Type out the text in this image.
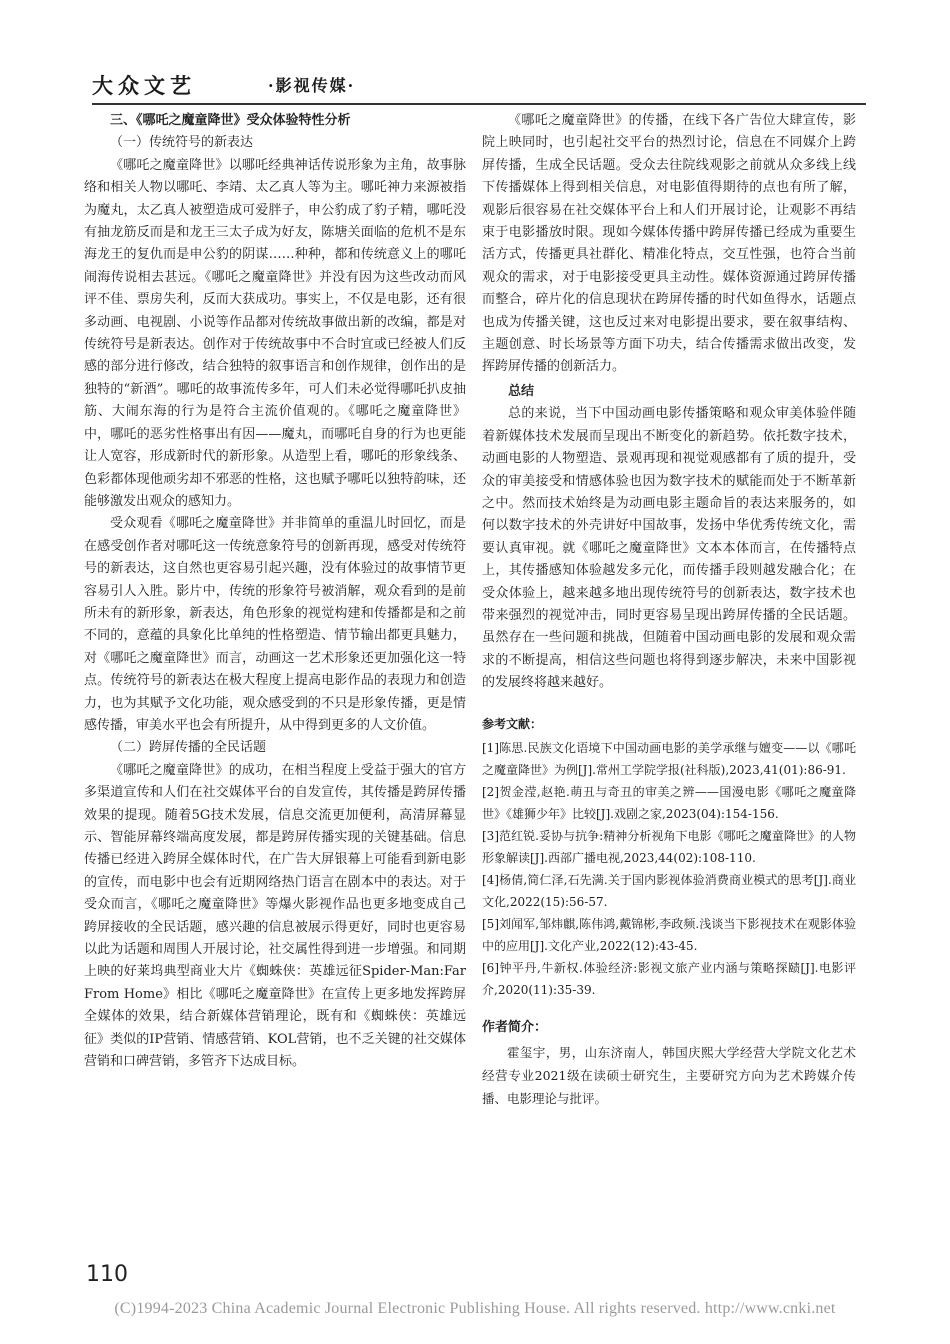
大众文艺	·影视传媒·

三、《哪吒之魔童降世》受众体验特性分析

（一）传统符号的新表达

《哪吒之魔童降世》以哪吒经典神话传说形象为主角，故事脉络和相关人物以哪吒、李靖、太乙真人等为主。哪吒神力来源被指为魔丸，太乙真人被塑造成可爱胖子，申公豹成了豹子精，哪吒没有抽龙筋反而是和龙王三太子成为好友，陈塘关面临的危机不是东海龙王的复仇而是申公豹的阴谋……种种，都和传统意义上的哪吒闹海传说相去甚远。《哪吒之魔童降世》并没有因为这些改动而风评不佳、票房失利，反而大获成功。事实上，不仅是电影，还有很多动画、电视剧、小说等作品都对传统故事做出新的改编，都是对传统符号是新表达。创作对于传统故事中不合时宜或已经被人们反感的部分进行修改，结合独特的叙事语言和创作规律，创作出的是独特的“新酒”。哪吒的故事流传多年，可人们未必觉得哪吒扒皮抽筋、大闹东海的行为是符合主流价值观的。《哪吒之魔童降世》中，哪吒的恶劣性格事出有因——魔丸，而哪吒自身的行为也更能让人宽容，形成新时代的新形象。从造型上看，哪吒的形象线条、色彩都体现他顽劣却不邪恶的性格，这也赋予哪吒以独特韵味，还能够激发出观众的感知力。

受众观看《哪吒之魔童降世》并非简单的重温儿时回忆，而是在感受创作者对哪吒这一传统意象符号的创新再现，感受对传统符号的新表达，这自然也更容易引起兴趣，没有体验过的故事情节更容易引人入胜。影片中，传统的形象符号被消解，观众看到的是前所未有的新形象，新表达，角色形象的视觉构建和传播都是和之前不同的，意蕴的具象化比单纯的性格塑造、情节输出都更具魅力，对《哪吒之魔童降世》而言，动画这一艺术形象还更加强化这一特点。传统符号的新表达在极大程度上提高电影作品的表现力和创造力，也为其赋予文化功能，观众感受到的不只是形象传播，更是情感传播，审美水平也会有所提升，从中得到更多的人文价值。

（二）跨屏传播的全民话题

《哪吒之魔童降世》的成功，在相当程度上受益于强大的官方多渠道宣传和人们在社交媒体平台的自发宣传，其传播是跨屏传播效果的提现。随着5G技术发展，信息交流更加便利，高清屏幕显示、智能屏幕终端高度发展，都是跨屏传播实现的关键基础。信息传播已经进入跨屏全媒体时代，在广告大屏银幕上可能看到新电影的宣传，而电影中也会有近期网络热门语言在剧本中的表达。对于受众而言，《哪吒之魔童降世》等爆火影视作品也更多地变成自己跨屏接收的全民话题，感兴趣的信息被展示得更好，同时也更容易以此为话题和周围人开展讨论，社交属性得到进一步增强。和同期上映的好莱坞典型商业大片《蜘蛛侠：英雄远征Spider-Man:Far From Home》相比《哪吒之魔童降世》在宣传上更多地发挥跨屏全媒体的效果，结合新媒体营销理论，既有和《蜘蛛侠：英雄远征》类似的IP营销、情感营销、KOL营销，也不乏关键的社交媒体营销和口碑营销，多管齐下达成目标。

《哪吒之魔童降世》的传播，在线下各广告位大肆宣传，影院上映同时，也引起社交平台的热烈讨论，信息在不同媒介上跨屏传播，生成全民话题。受众去往院线观影之前就从众多线上线下传播媒体上得到相关信息，对电影值得期待的点也有所了解，观影后很容易在社交媒体平台上和人们开展讨论，让观影不再结束于电影播放时限。现如今媒体传播中跨屏传播已经成为重要生活方式，传播更具社群化、精准化特点，交互性强，也符合当前观众的需求，对于电影接受更具主动性。媒体资源通过跨屏传播而整合，碎片化的信息现状在跨屏传播的时代如鱼得水，话题点也成为传播关键，这也反过来对电影提出要求，要在叙事结构、主题创意、时长场景等方面下功夫，结合传播需求做出改变，发挥跨屏传播的创新活力。

总结

总的来说，当下中国动画电影传播策略和观众审美体验伴随着新媒体技术发展而呈现出不断变化的新趋势。依托数字技术，动画电影的人物塑造、景观再现和视觉观感都有了质的提升，受众的审美接受和情感体验也因为数字技术的赋能而处于不断革新之中。然而技术始终是为动画电影主题命旨的表达来服务的，如何以数字技术的外壳讲好中国故事，发扬中华优秀传统文化，需要认真审视。就《哪吒之魔童降世》文本本体而言，在传播特点上，其传播感知体验越发多元化，而传播手段则越发融合化；在受众体验上，越来越多地出现传统符号的创新表达，数字技术也带来强烈的视觉冲击，同时更容易呈现出跨屏传播的全民话题。虽然存在一些问题和挑战，但随着中国动画电影的发展和观众需求的不断提高，相信这些问题也将得到逐步解决，未来中国影视的发展终将越来越好。

参考文献：
[1]陈思.民族文化语境下中国动画电影的美学承继与嬗变——以《哪吒之魔童降世》为例[J].常州工学院学报(社科版),2023,41(01):86-91.
[2]贺金滢,赵艳.萌丑与奇丑的审美之辨——国漫电影《哪吒之魔童降世》《雄狮少年》比较[J].戏剧之家,2023(04):154-156.
[3]范红锐.妥协与抗争:精神分析视角下电影《哪吒之魔童降世》的人物形象解读[J].西部广播电视,2023,44(02):108-110.
[4]杨倩,简仁泽,石先满.关于国内影视体验消费商业模式的思考[J].商业文化,2022(15):56-57.
[5]刘闻军,邹炜麒,陈伟鸿,戴锦彬,李政频.浅谈当下影视技术在观影体验中的应用[J].文化产业,2022(12):43-45.
[6]钟平丹,牛新权.体验经济:影视文旅产业内涵与策略探赜[J].电影评介,2020(11):35-39.
作者简介：

霍玺宇，男，山东济南人，韩国庆熙大学经营大学院文化艺术经营专业2021级在读硕士研究生，主要研究方向为艺术跨媒介传播、电影理论与批评。

110
(C)1994-2023 China Academic Journal Electronic Publishing House. All rights reserved. http://www.cnki.net
